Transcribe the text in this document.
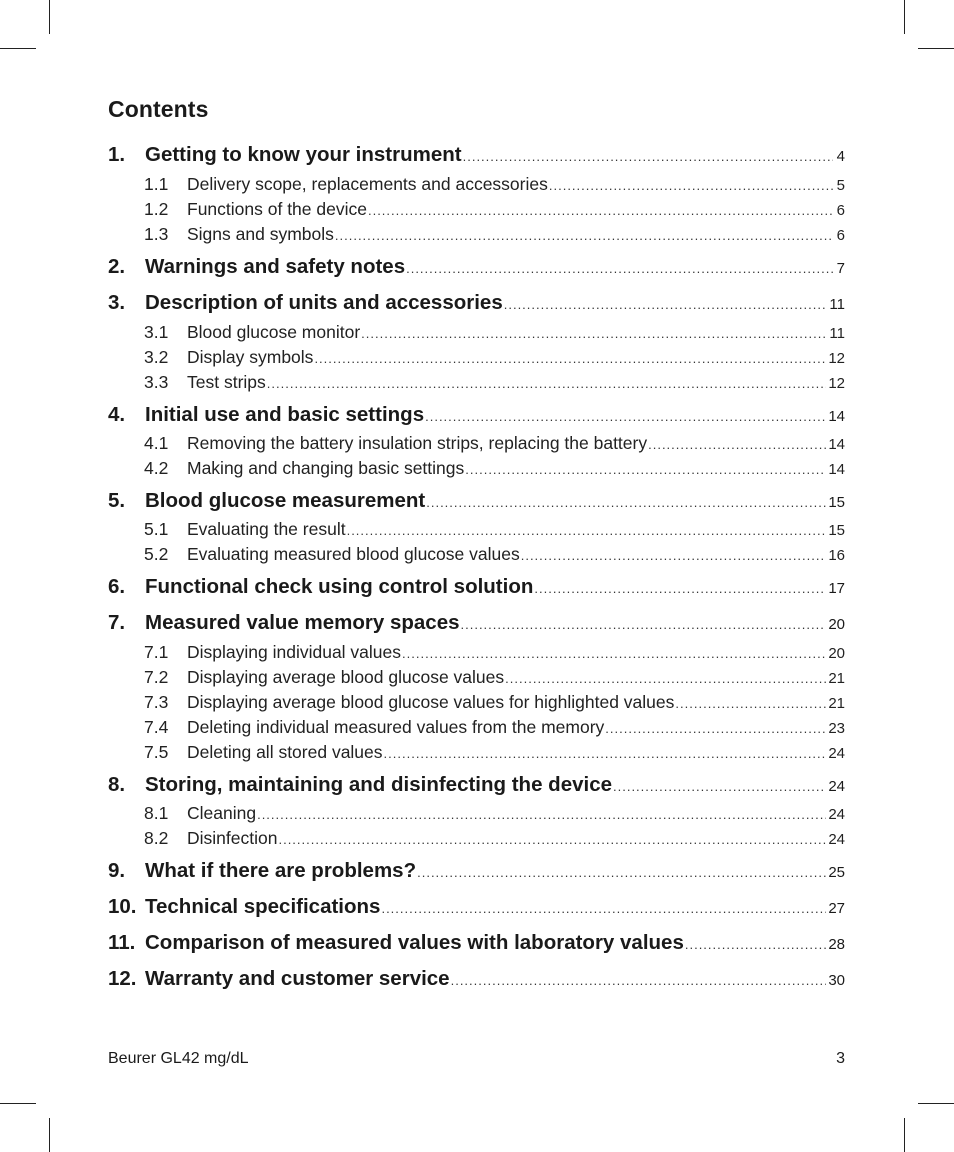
Contents
1. Getting to know your instrument .....	4
1.1	Delivery scope, replacements and accessories .....	5
1.2	Functions of the device .....	6
1.3	Signs and symbols .....	6
2. Warnings and safety notes .....	7
3. Description of units and accessories .....	11
3.1	Blood glucose monitor .....	11
3.2	Display symbols .....	12
3.3	Test strips .....	12
4. Initial use and basic settings .....	14
4.1	Removing the battery insulation strips, replacing the battery .....	14
4.2	Making and changing basic settings .....	14
5. Blood glucose measurement .....	15
5.1	Evaluating the result .....	15
5.2	Evaluating measured blood glucose values .....	16
6. Functional check using control solution .....	17
7. Measured value memory spaces .....	20
7.1	Displaying individual values .....	20
7.2	Displaying average blood glucose values .....	21
7.3	Displaying average blood glucose values for highlighted values .....	21
7.4	Deleting individual measured values from the memory .....	23
7.5	Deleting all stored values .....	24
8. Storing, maintaining and disinfecting the device .....	24
8.1	Cleaning .....	24
8.2	Disinfection .....	24
9. What if there are problems? .....	25
10. Technical specifications .....	27
11. Comparison of measured values with laboratory values .....	28
12. Warranty and customer service .....	30
Beurer GL42 mg/dL	3
